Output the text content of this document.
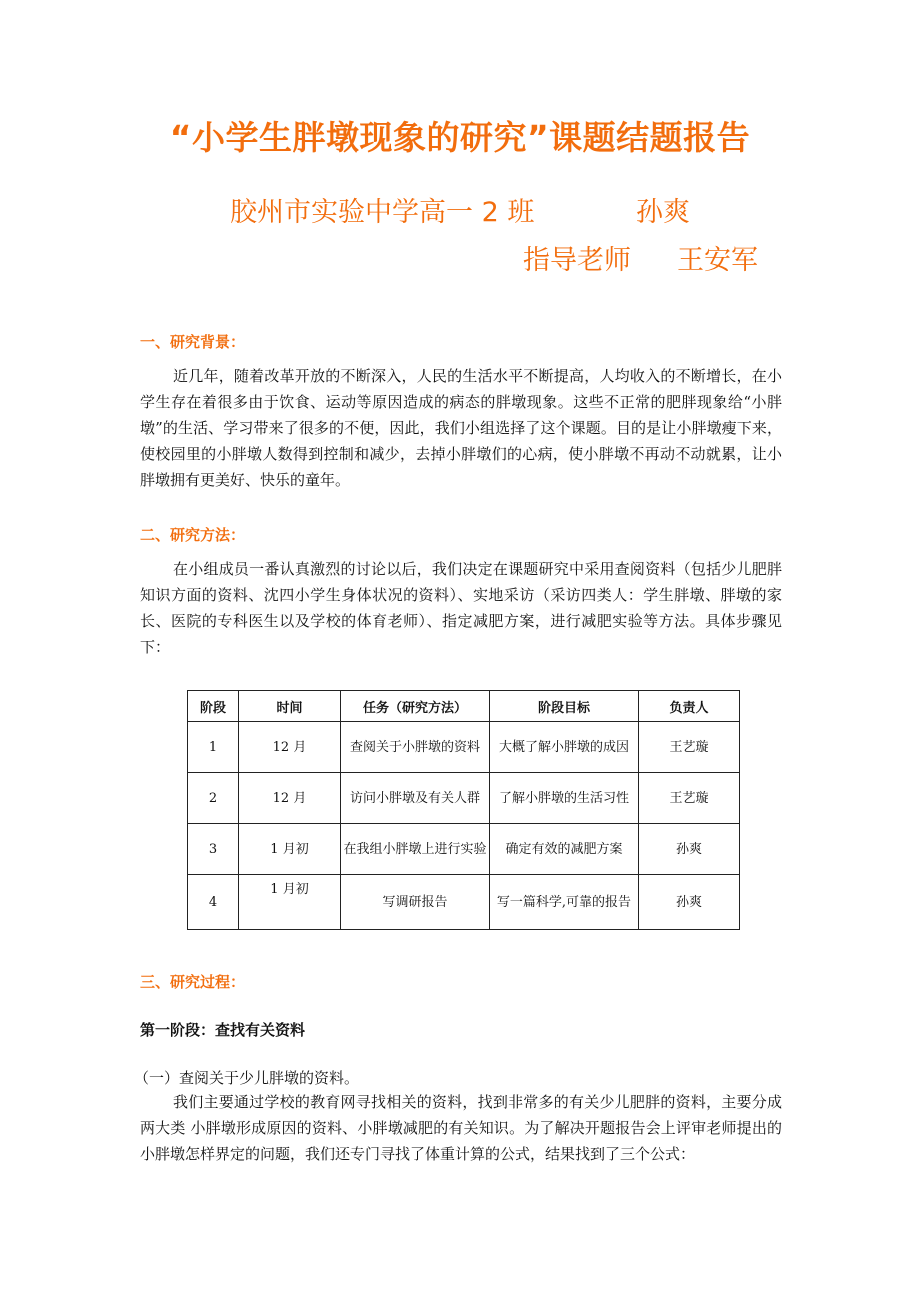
“小学生胖墩现象的研究”课题结题报告
胶州市实验中学高一 2 班	孙爽
指导老师 王安军
一、研究背景：

近几年，随着改革开放的不断深入，人民的生活水平不断提高，人均收入的不断增长，在小学生存在着很多由于饮食、运动等原因造成的病态的胖墩现象。这些不正常的肥胖现象给“小胖墩”的生活、学习带来了很多的不便，因此，我们小组选择了这个课题。目的是让小胖墩瘦下来，使校园里的小胖墩人数得到控制和减少，去掉小胖墩们的心病，使小胖墩不再动不动就累，让小胖墩拥有更美好、快乐的童年。

二、研究方法：

在小组成员一番认真激烈的讨论以后，我们决定在课题研究中采用查阅资料（包括少儿肥胖知识方面的资料、沈四小学生身体状况的资料）、实地采访（采访四类人：学生胖墩、胖墩的家长、医院的专科医生以及学校的体育老师）、指定减肥方案，进行减肥实验等方法。具体步骤见下：

阶段	时间	任务（研究方法）	阶段目标	负责人
1	12 月	查阅关于小胖墩的资料	大概了解小胖墩的成因	王艺璇
2	12 月	访问小胖墩及有关人群	了解小胖墩的生活习性	王艺璇
3	1 月初	在我组小胖墩上进行实验	确定有效的减肥方案	孙爽
4	1 月初	写调研报告	写一篇科学,可靠的报告	孙爽
三、研究过程：
第一阶段：查找有关资料
（一）查阅关于少儿胖墩的资料。

我们主要通过学校的教育网寻找相关的资料，找到非常多的有关少儿肥胖的资料，主要分成两大类 小胖墩形成原因的资料、小胖墩减肥的有关知识。为了解决开题报告会上评审老师提出的小胖墩怎样界定的问题，我们还专门寻找了体重计算的公式，结果找到了三个公式：
